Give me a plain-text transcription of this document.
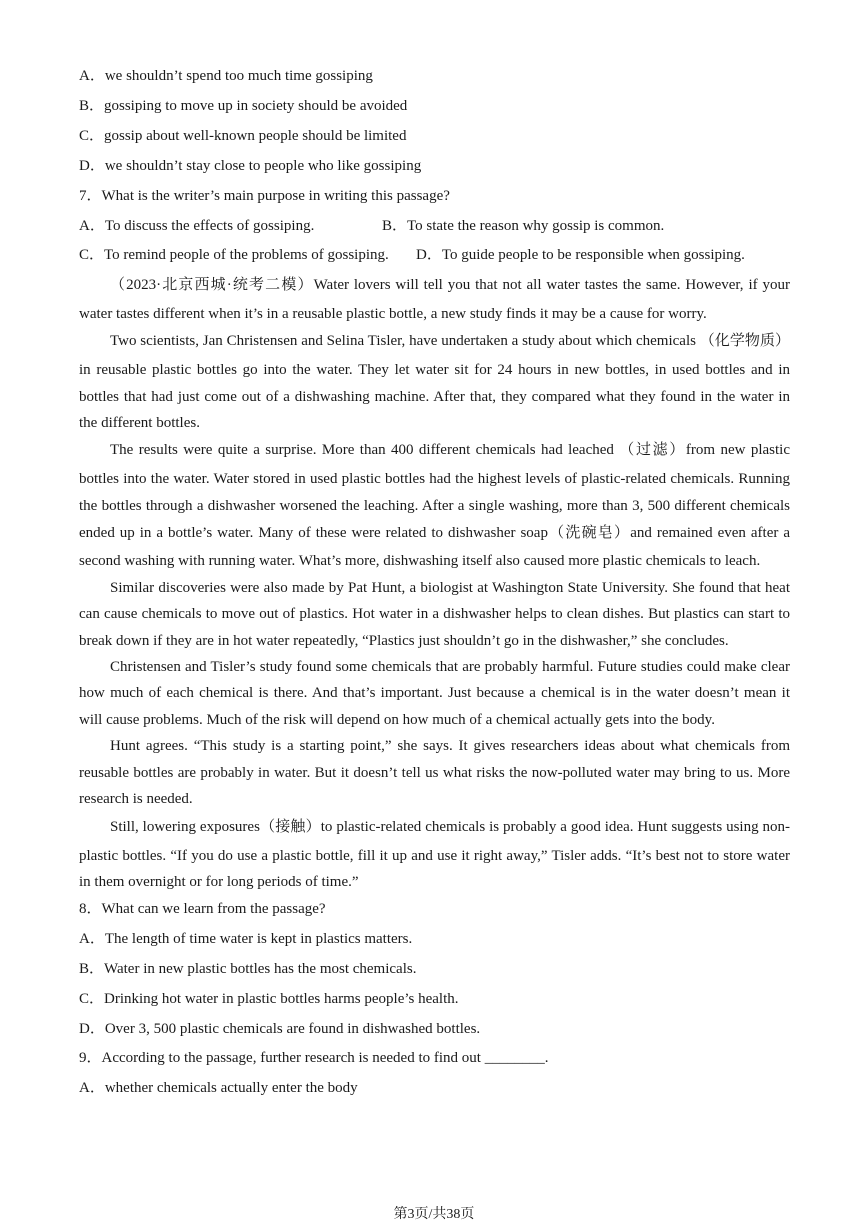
A．we shouldn’t spend too much time gossiping
B．gossiping to move up in society should be avoided
C．gossip about well-known people should be limited
D．we shouldn’t stay close to people who like gossiping
7．What is the writer’s main purpose in writing this passage?
A．To discuss the effects of gossiping.	B．To state the reason why gossip is common.
C．To remind people of the problems of gossiping.	D．To guide people to be responsible when gossiping.
（2023·北京西城·统考二模）Water lovers will tell you that not all water tastes the same. However, if your
water tastes different when it’s in a reusable plastic bottle, a new study finds it may be a cause for worry.
Two scientists, Jan Christensen and Selina Tisler, have undertaken a study about which chemicals （化学物质）
in reusable plastic bottles go into the water. They let water sit for 24 hours in new bottles, in used bottles and in
bottles that had just come out of a dishwashing machine. After that, they compared what they found in the water in
the different bottles.
The results were quite a surprise. More than 400 different chemicals had leached （过滤）from new plastic
bottles into the water. Water stored in used plastic bottles had the highest levels of plastic-related chemicals. Running
the bottles through a dishwasher worsened the leaching. After a single washing, more than 3, 500 different chemicals
ended up in a bottle’s water. Many of these were related to dishwasher soap（洗碗皂）and remained even after a
second washing with running water. What’s more, dishwashing itself also caused more plastic chemicals to leach.
Similar discoveries were also made by Pat Hunt, a biologist at Washington State University. She found that heat
can cause chemicals to move out of plastics. Hot water in a dishwasher helps to clean dishes. But plastics can start to
break down if they are in hot water repeatedly, “Plastics just shouldn’t go in the dishwasher,” she concludes.
Christensen and Tisler’s study found some chemicals that are probably harmful. Future studies could make clear
how much of each chemical is there. And that’s important. Just because a chemical is in the water doesn’t mean it
will cause problems. Much of the risk will depend on how much of a chemical actually gets into the body.
Hunt agrees. “This study is a starting point,” she says. It gives researchers ideas about what chemicals from
reusable bottles are probably in water. But it doesn’t tell us what risks the now-polluted water may bring to us. More
research is needed.
Still, lowering exposures（接触）to plastic-related chemicals is probably a good idea. Hunt suggests using non-
plastic bottles. “If you do use a plastic bottle, fill it up and use it right away,” Tisler adds. “It’s best not to store water
in them overnight or for long periods of time.”
8．What can we learn from the passage?
A．The length of time water is kept in plastics matters.
B．Water in new plastic bottles has the most chemicals.
C．Drinking hot water in plastic bottles harms people’s health.
D．Over 3, 500 plastic chemicals are found in dishwashed bottles.
9．According to the passage, further research is needed to find out ________.
A．whether chemicals actually enter the body
第3页/共38页
